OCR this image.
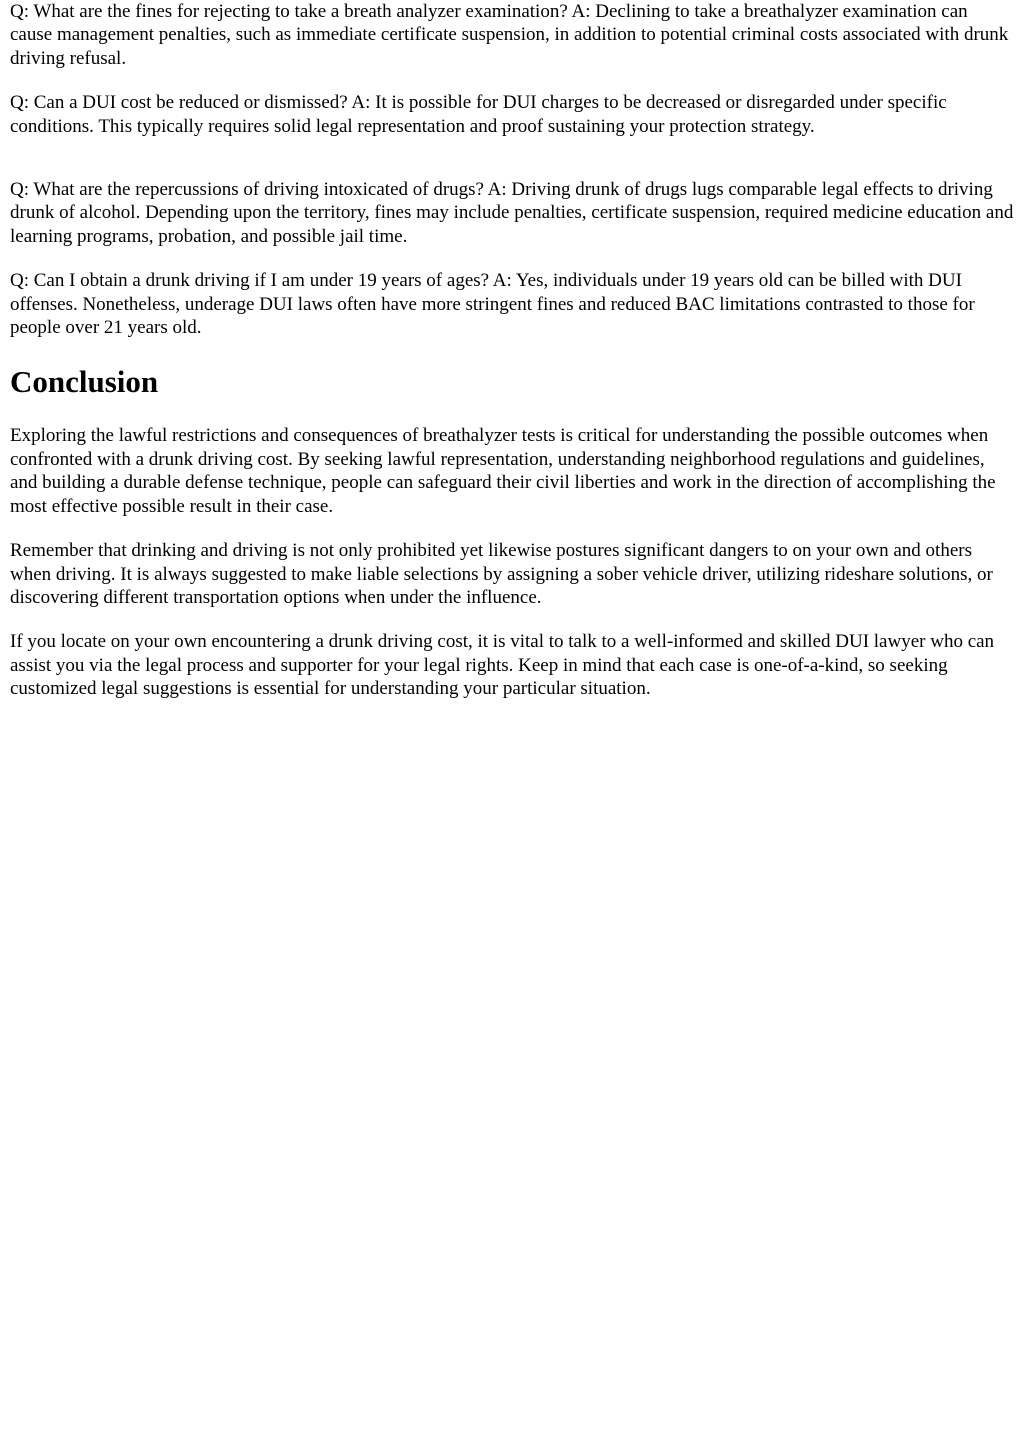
Q: What are the fines for rejecting to take a breath analyzer examination? A: Declining to take a breathalyzer examination can cause management penalties, such as immediate certificate suspension, in addition to potential criminal costs associated with drunk driving refusal.

Q: Can a DUI cost be reduced or dismissed? A: It is possible for DUI charges to be decreased or disregarded under specific conditions. This typically requires solid legal representation and proof sustaining your protection strategy.

Q: What are the repercussions of driving intoxicated of drugs? A: Driving drunk of drugs lugs comparable legal effects to driving drunk of alcohol. Depending upon the territory, fines may include penalties, certificate suspension, required medicine education and learning programs, probation, and possible jail time.

Q: Can I obtain a drunk driving if I am under 19 years of ages? A: Yes, individuals under 19 years old can be billed with DUI offenses. Nonetheless, underage DUI laws often have more stringent fines and reduced BAC limitations contrasted to those for people over 21 years old.

Conclusion

Exploring the lawful restrictions and consequences of breathalyzer tests is critical for understanding the possible outcomes when confronted with a drunk driving cost. By seeking lawful representation, understanding neighborhood regulations and guidelines, and building a durable defense technique, people can safeguard their civil liberties and work in the direction of accomplishing the most effective possible result in their case.

Remember that drinking and driving is not only prohibited yet likewise postures significant dangers to on your own and others when driving. It is always suggested to make liable selections by assigning a sober vehicle driver, utilizing rideshare solutions, or discovering different transportation options when under the influence.

If you locate on your own encountering a drunk driving cost, it is vital to talk to a well-informed and skilled DUI lawyer who can assist you via the legal process and supporter for your legal rights. Keep in mind that each case is one-of-a-kind, so seeking customized legal suggestions is essential for understanding your particular situation.
